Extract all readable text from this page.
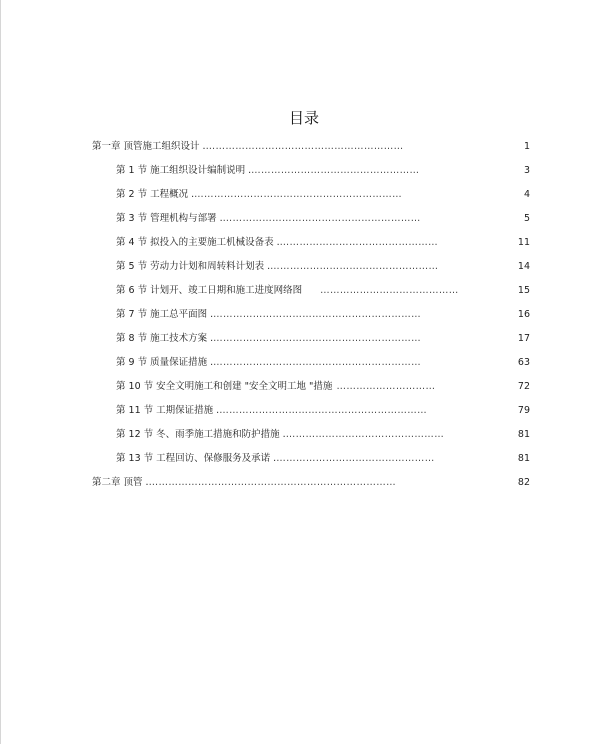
目录
第一章 顶管施工组织设计 .……………………………………………………	1
第 1 节 施工组织设计编制说明 .……………………………………………	3
第 2 节 工程概况 .………………………………………………………	4
第 3 节 管理机构与部署 .……………………………………………………	5
第 4 节 拟投入的主要施工机械设备表 .…………………………………………	11
第 5 节 劳动力计划和周转料计划表 .……………………………………………	14
第 6 节 计划开、竣工日期和施工进度网络图 ……………………………………	15
第 7 节 施工总平面图 .………………………………………………………	16
第 8 节 施工技术方案 .………………………………………………………	17
第 9 节 质量保证措施 .………………………………………………………	63
第 10 节 安全文明施工和创建 "安全文明工地 "措施 …………………………	72
第 11 节 工期保证措施 .………………………………………………………	79
第 12 节 冬、雨季施工措施和防护措施 .…………………………………………	81
第 13 节 工程回访、保修服务及承诺 .…………………………………………	81
第二章 顶管 .…………………………………………………………………	82
